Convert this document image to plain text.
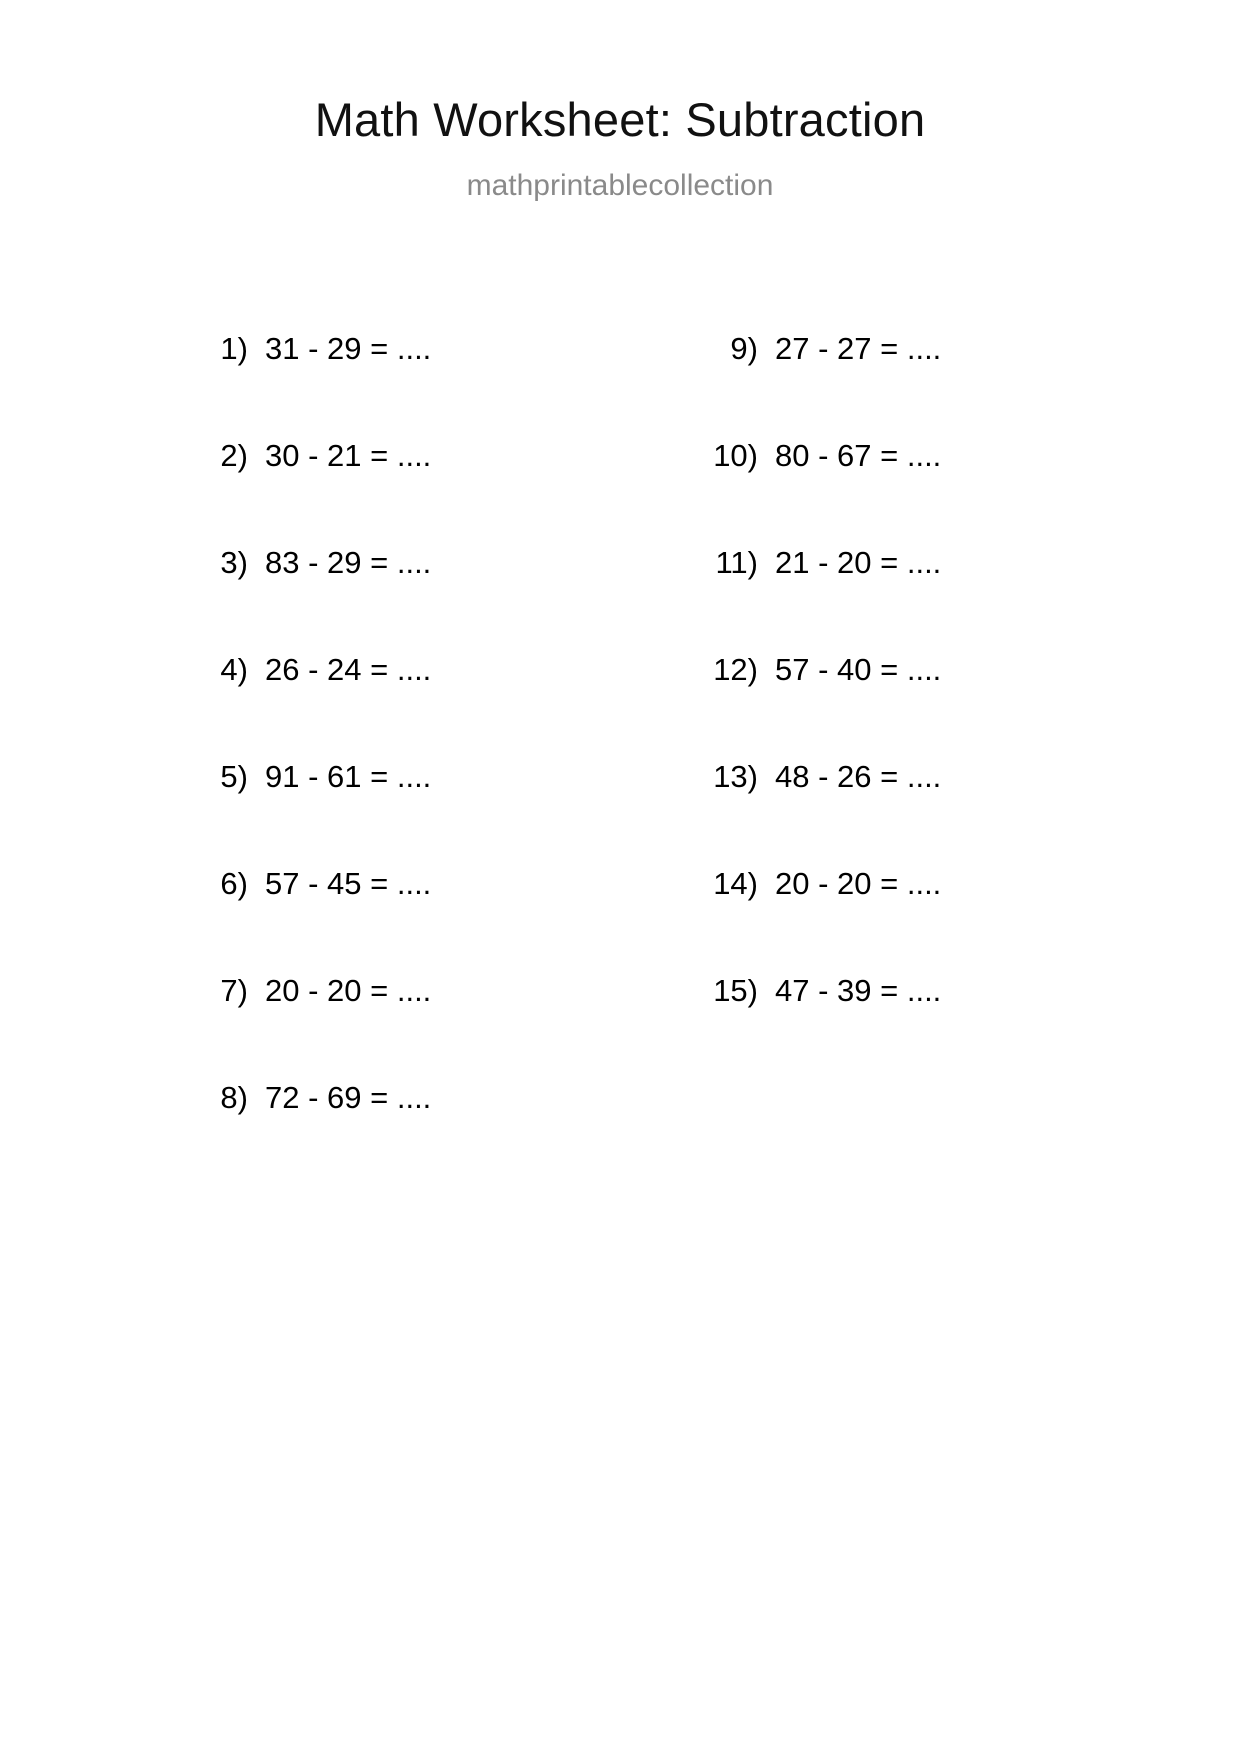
Math Worksheet: Subtraction
mathprintablecollection
1) 31 - 29 = ....
2) 30 - 21 = ....
3) 83 - 29 = ....
4) 26 - 24 = ....
5) 91 - 61 = ....
6) 57 - 45 = ....
7) 20 - 20 = ....
8) 72 - 69 = ....
9) 27 - 27 = ....
10) 80 - 67 = ....
11) 21 - 20 = ....
12) 57 - 40 = ....
13) 48 - 26 = ....
14) 20 - 20 = ....
15) 47 - 39 = ....
